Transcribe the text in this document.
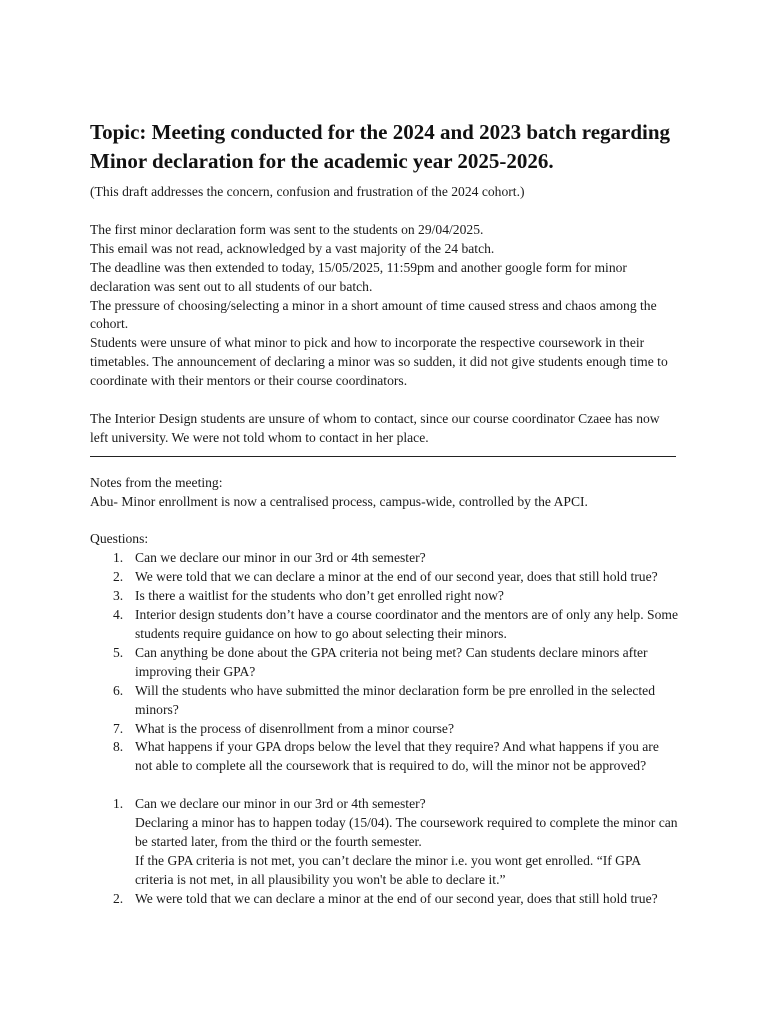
Topic: Meeting conducted for the 2024 and 2023 batch regarding Minor declaration for the academic year 2025-2026.

(This draft addresses the concern, confusion and frustration of the 2024 cohort.)

The first minor declaration form was sent to the students on 29/04/2025.

This email was not read, acknowledged by a vast majority of the 24 batch.

The deadline was then extended to today, 15/05/2025, 11:59pm and another google form for minor declaration was sent out to all students of our batch.

The pressure of choosing/selecting a minor in a short amount of time caused stress and chaos among the cohort.

Students were unsure of what minor to pick and how to incorporate the respective coursework in their timetables. The announcement of declaring a minor was so sudden, it did not give students enough time to coordinate with their mentors or their course coordinators.

The Interior Design students are unsure of whom to contact, since our course coordinator Czaee has now left university. We were not told whom to contact in her place.

Notes from the meeting:

Abu- Minor enrollment is now a centralised process, campus-wide, controlled by the APCI.

Questions:

1. Can we declare our minor in our 3rd or 4th semester?
2. We were told that we can declare a minor at the end of our second year, does that still hold true?
3. Is there a waitlist for the students who don’t get enrolled right now?
4. Interior design students don’t have a course coordinator and the mentors are of only any help. Some students require guidance on how to go about selecting their minors.
5. Can anything be done about the GPA criteria not being met? Can students declare minors after improving their GPA?
6. Will the students who have submitted the minor declaration form be pre enrolled in the selected minors?
7. What is the process of disenrollment from a minor course?
8. What happens if your GPA drops below the level that they require? And what happens if you are not able to complete all the coursework that is required to do, will the minor not be approved?
1. Can we declare our minor in our 3rd or 4th semester?

Declaring a minor has to happen today (15/04). The coursework required to complete the minor can be started later, from the third or the fourth semester.

If the GPA criteria is not met, you can’t declare the minor i.e. you wont get enrolled. “If GPA criteria is not met, in all plausibility you won't be able to declare it.”

2. We were told that we can declare a minor at the end of our second year, does that still hold true?
